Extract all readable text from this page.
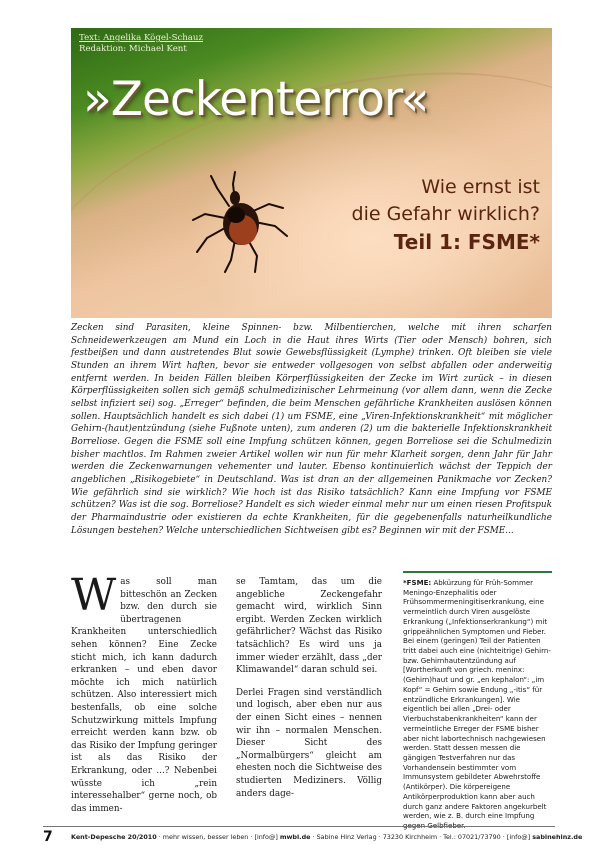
Text: Angelika Kögel-Schauz
Redaktion: Michael Kent
»Zeckenterror«
Wie ernst ist
die Gefahr wirklich?
Teil 1: FSME*
Zecken sind Parasiten, kleine Spinnen- bzw. Milbentierchen, welche mit ihren scharfen Schneidewerkzeugen am Mund ein Loch in die Haut ihres Wirts (Tier oder Mensch) bohren, sich festbeißen und dann austretendes Blut sowie Gewebsflüssigkeit (Lymphe) trinken. Oft bleiben sie viele Stunden an ihrem Wirt haften, bevor sie entweder vollgesogen von selbst abfallen oder anderweitig entfernt werden. In beiden Fällen bleiben Körperflüssigkeiten der Zecke im Wirt zurück – in diesen Körperflüssigkeiten sollen sich gemäß schulmedizinischer Lehrmeinung (vor allem dann, wenn die Zecke selbst infiziert sei) sog. „Erreger“ befinden, die beim Menschen gefährliche Krankheiten auslösen können sollen. Hauptsächlich handelt es sich dabei (1) um FSME, eine „Viren-Infektionskrankheit“ mit möglicher Gehirn-(haut)entzündung (siehe Fußnote unten), zum anderen (2) um die bakterielle Infektionskrankheit Borreliose. Gegen die FSME soll eine Impfung schützen können, gegen Borreliose sei die Schulmedizin bisher machtlos. Im Rahmen zweier Artikel wollen wir nun für mehr Klarheit sorgen, denn Jahr für Jahr werden die Zeckenwarnungen vehementer und lauter. Ebenso kontinuierlich wächst der Teppich der angeblichen „Risikogebiete“ in Deutschland. Was ist dran an der allgemeinen Panikmache vor Zecken? Wie gefährlich sind sie wirklich? Wie hoch ist das Risiko tatsächlich? Kann eine Impfung vor FSME schützen? Was ist die sog. Borreliose? Handelt es sich wieder einmal mehr nur um einen riesen Profitspuk der Pharmaindustrie oder existieren da echte Krankheiten, für die gegebenenfalls naturheilkundliche Lösungen bestehen? Welche unterschiedlichen Sichtweisen gibt es? Beginnen wir mit der FSME...

Was soll man bitteschön an Zecken bzw. den durch sie übertragenen Krankheiten unterschiedlich sehen können? Eine Zecke sticht mich, ich kann dadurch erkranken – und eben davor möchte ich mich natürlich schützen. Also interessiert mich bestenfalls, ob eine solche Schutzwirkung mittels Impfung erreicht werden kann bzw. ob das Risiko der Impfung geringer ist als das Risiko der Erkrankung, oder ...? Nebenbei wüsste ich „rein interessehalber“ gerne noch, ob das immen-

se Tamtam, das um die angebliche Zeckengefahr gemacht wird, wirklich Sinn ergibt. Werden Zecken wirklich gefährlicher? Wächst das Risiko tatsächlich? Es wird uns ja immer wieder erzählt, dass „der Klimawandel“ daran schuld sei.

Derlei Fragen sind verständlich und logisch, aber eben nur aus der einen Sicht eines – nennen wir ihn – normalen Menschen. Dieser Sicht des „Normalbürgers“ gleicht am ehesten noch die Sichtweise des studierten Mediziners. Völlig anders dage-

*FSME: Abkürzung für Früh-Sommer Meningo-Enzephalitis oder Frühsommermeningitiserkrankung, eine vermeintlich durch Viren ausgelöste Erkrankung („Infektionserkrankung“) mit grippeähnlichen Symptomen und Fieber. Bei einem (geringen) Teil der Patienten tritt dabei auch eine (nichteitrige) Gehirn- bzw. Gehirnhautentzündung auf [Wortherkunft von griech. meninx: (Gehirn)haut und gr. „en kephalon“: „im Kopf“ = Gehirn sowie Endung „-itis“ für entzündliche Erkrankungen]. Wie eigentlich bei allen „Drei- oder Vierbuchstabenkrankheiten“ kann der vermeintliche Erreger der FSME bisher aber nicht labortechnisch nachgewiesen werden. Statt dessen messen die gängigen Testverfahren nur das Vorhandensein bestimmter vom Immunsystem gebildeter Abwehrstoffe (Antikörper). Die körpereigene Antikörperproduktion kann aber auch durch ganz andere Faktoren angekurbelt werden, wie z. B. durch eine Impfung gegen Gelbfieber.
7	Kent-Depesche 20/2010 · mehr wissen, besser leben · [info@] mwbl.de · Sabine Hinz Verlag · 73230 Kirchheim · Tel.: 07021/73790 · [info@] sabinehinz.de
